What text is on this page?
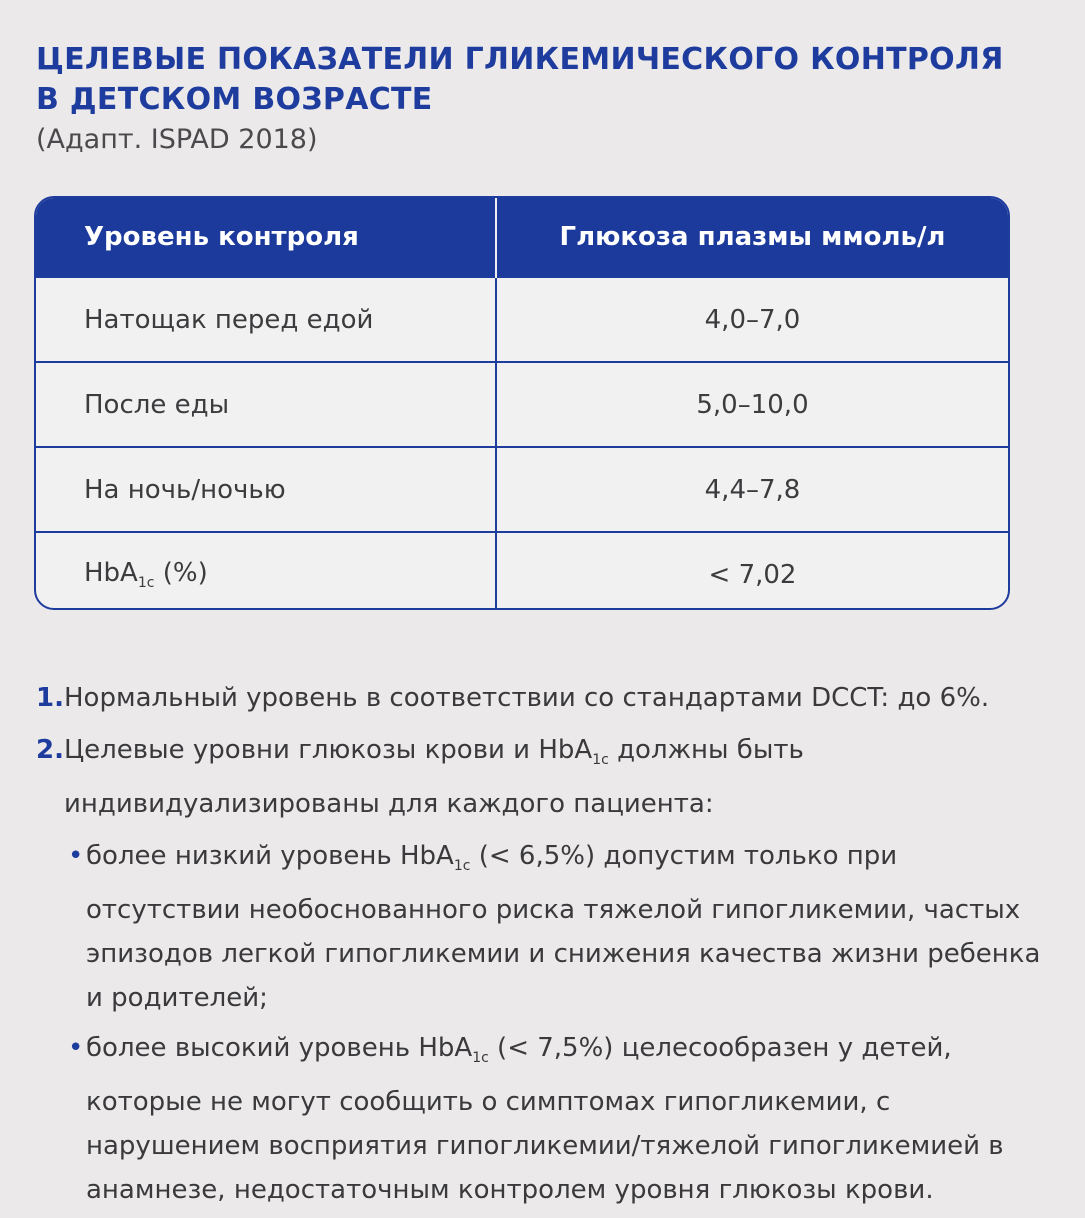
ЦЕЛЕВЫЕ ПОКАЗАТЕЛИ ГЛИКЕМИЧЕСКОГО КОНТРОЛЯ
В ДЕТСКОМ ВОЗРАСТЕ

(Адапт. ISPAD 2018)

Уровень контроля	Глюкоза плазмы ммоль/л
Натощак перед едой	4,0–7,0
После еды	5,0–10,0
На ночь/ночью	4,4–7,8
HbA$_{1c}$ (%)	< 7,02
1. Нормальный уровень в соответствии со стандартами DCCT: до 6%.
2. Целевые уровни глюкозы крови и HbA$_{1c}$ должны быть индивидуализированы для каждого пациента:
• более низкий уровень HbA$_{1c}$ (< 6,5%) допустим только при отсутствии необоснованного риска тяжелой гипогликемии, частых эпизодов легкой гипогликемии и снижения качества жизни ребенка и родителей;
• более высокий уровень HbA$_{1c}$ (< 7,5%) целесообразен у детей, которые не могут сообщить о симптомах гипогликемии, с нарушением восприятия гипогликемии/тяжелой гипогликемией в анамнезе, недостаточным контролем уровня глюкозы крови.
